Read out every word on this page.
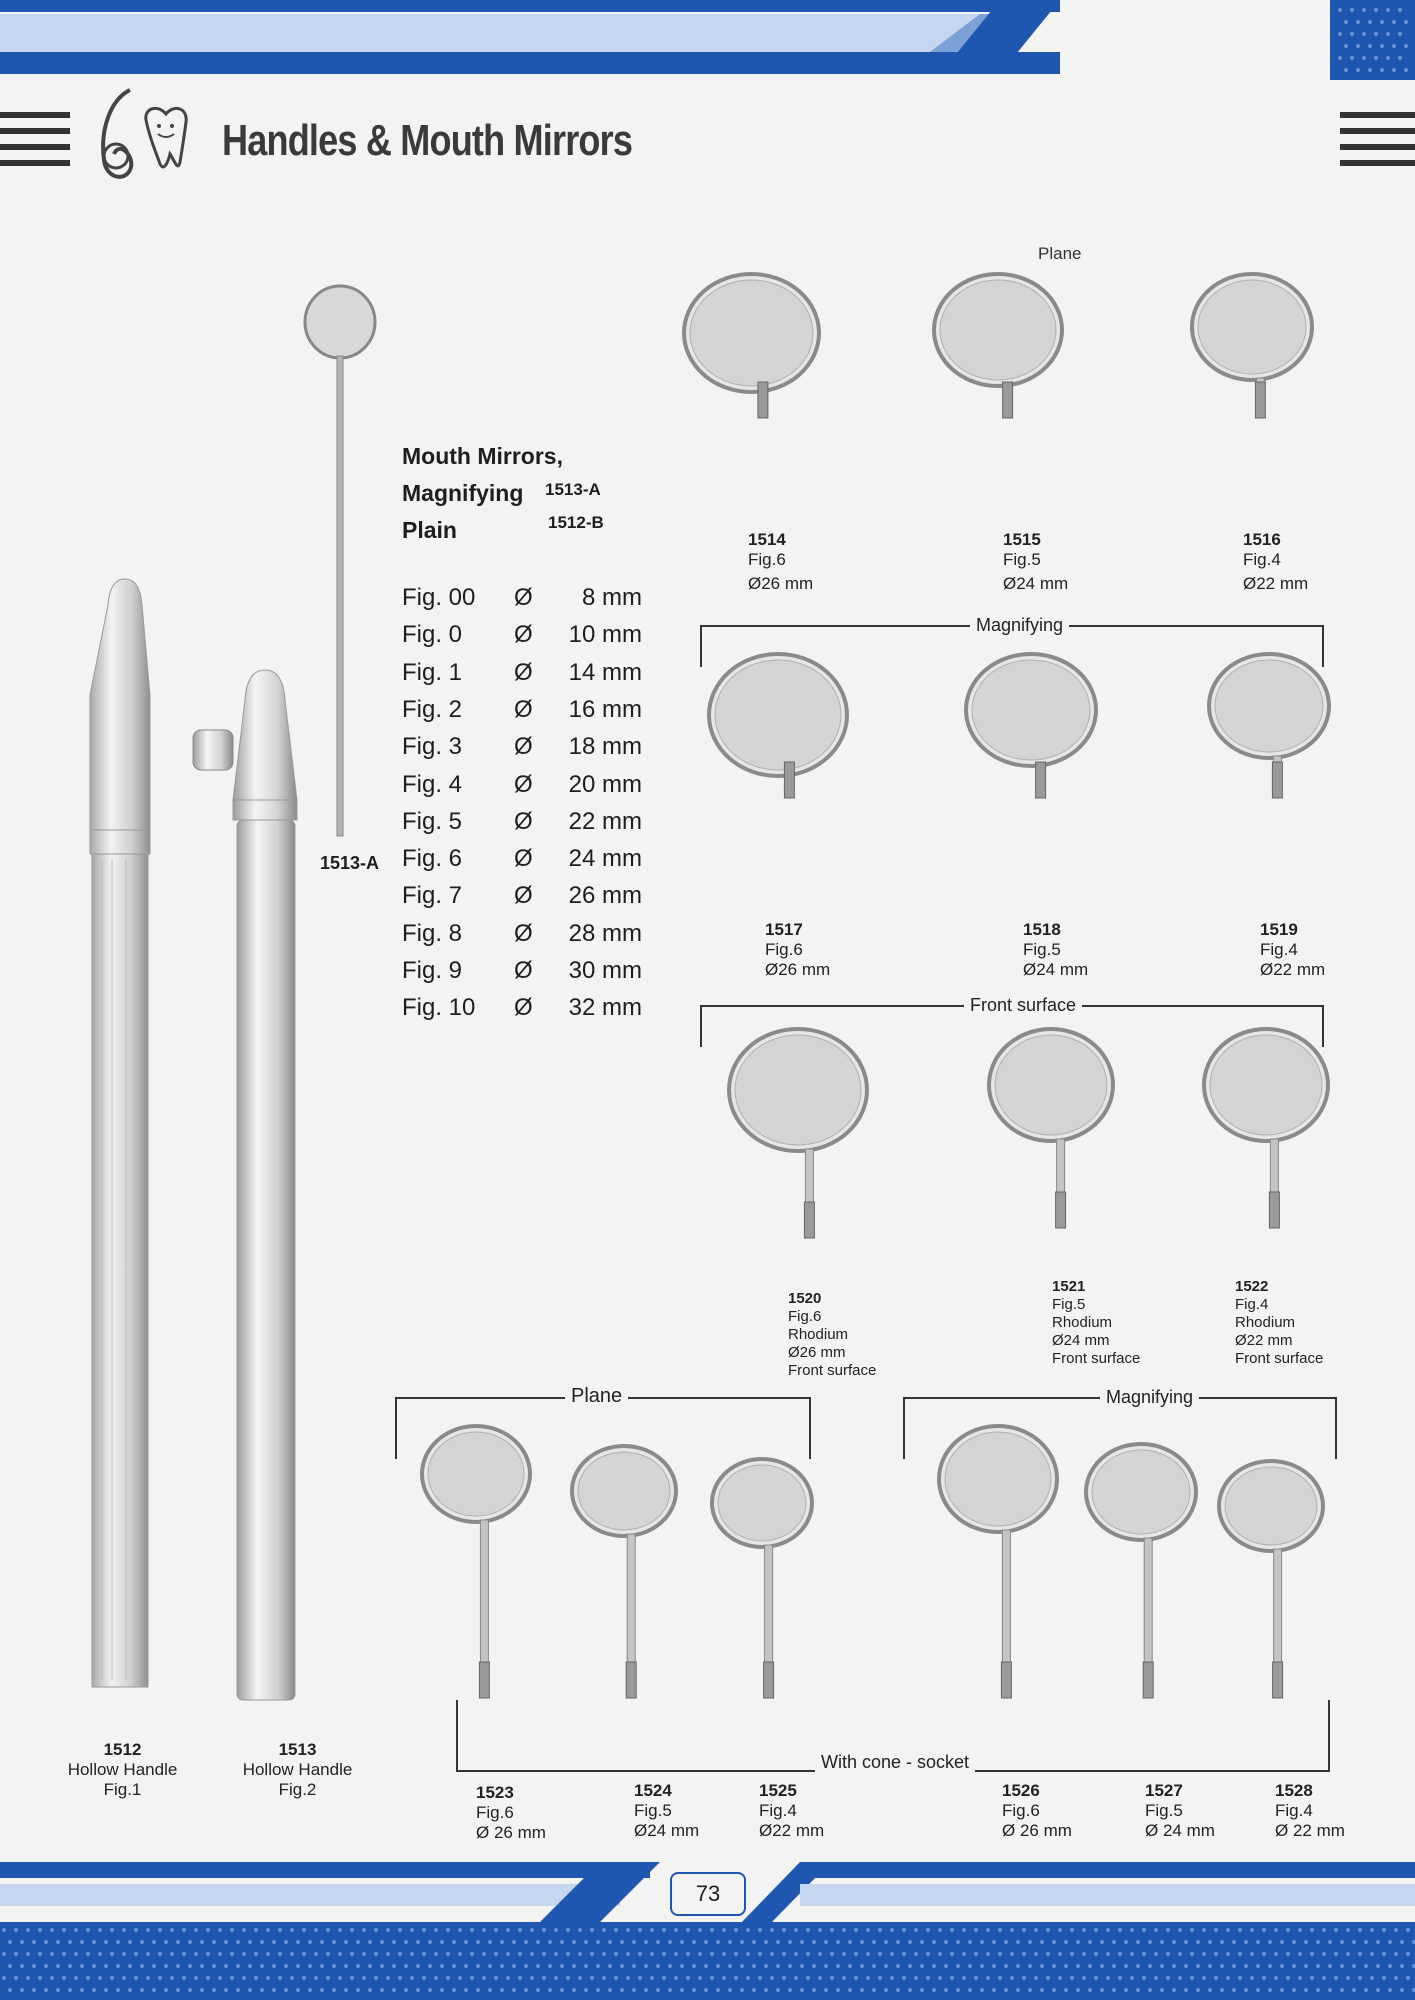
Handles & Mouth Mirrors
1513-A
1512
Hollow Handle
Fig.1
1513
Hollow Handle
Fig.2
Mouth Mirrors,
Magnifying
Plain
1513-A
1512-B
Fig. 00 Ø 8 mm
Fig. 0 Ø 10 mm
Fig. 1 Ø 14 mm
Fig. 2 Ø 16 mm
Fig. 3 Ø 18 mm
Fig. 4 Ø 20 mm
Fig. 5 Ø 22 mm
Fig. 6 Ø 24 mm
Fig. 7 Ø 26 mm
Fig. 8 Ø 28 mm
Fig. 9 Ø 30 mm
Fig. 10 Ø 32 mm
Plane
Magnifying
Front surface
Plane	Magnifying
With cone - socket
1514
Fig.6
Ø26 mm
1515
Fig.5
Ø24 mm
1516
Fig.4
Ø22 mm
1517
Fig.6
Ø26 mm
1518
Fig.5
Ø24 mm
1519
Fig.4
Ø22 mm
1520
Fig.6
Rhodium
Ø26 mm
Front surface
1521
Fig.5
Rhodium
Ø24 mm
Front surface
1522
Fig.4
Rhodium
Ø22 mm
Front surface
1523
Fig.6
Ø 26 mm
1524
Fig.5
Ø24 mm
1525
Fig.4
Ø22 mm
1526
Fig.6
Ø 26 mm
1527
Fig.5
Ø 24 mm
1528
Fig.4
Ø 22 mm
73
